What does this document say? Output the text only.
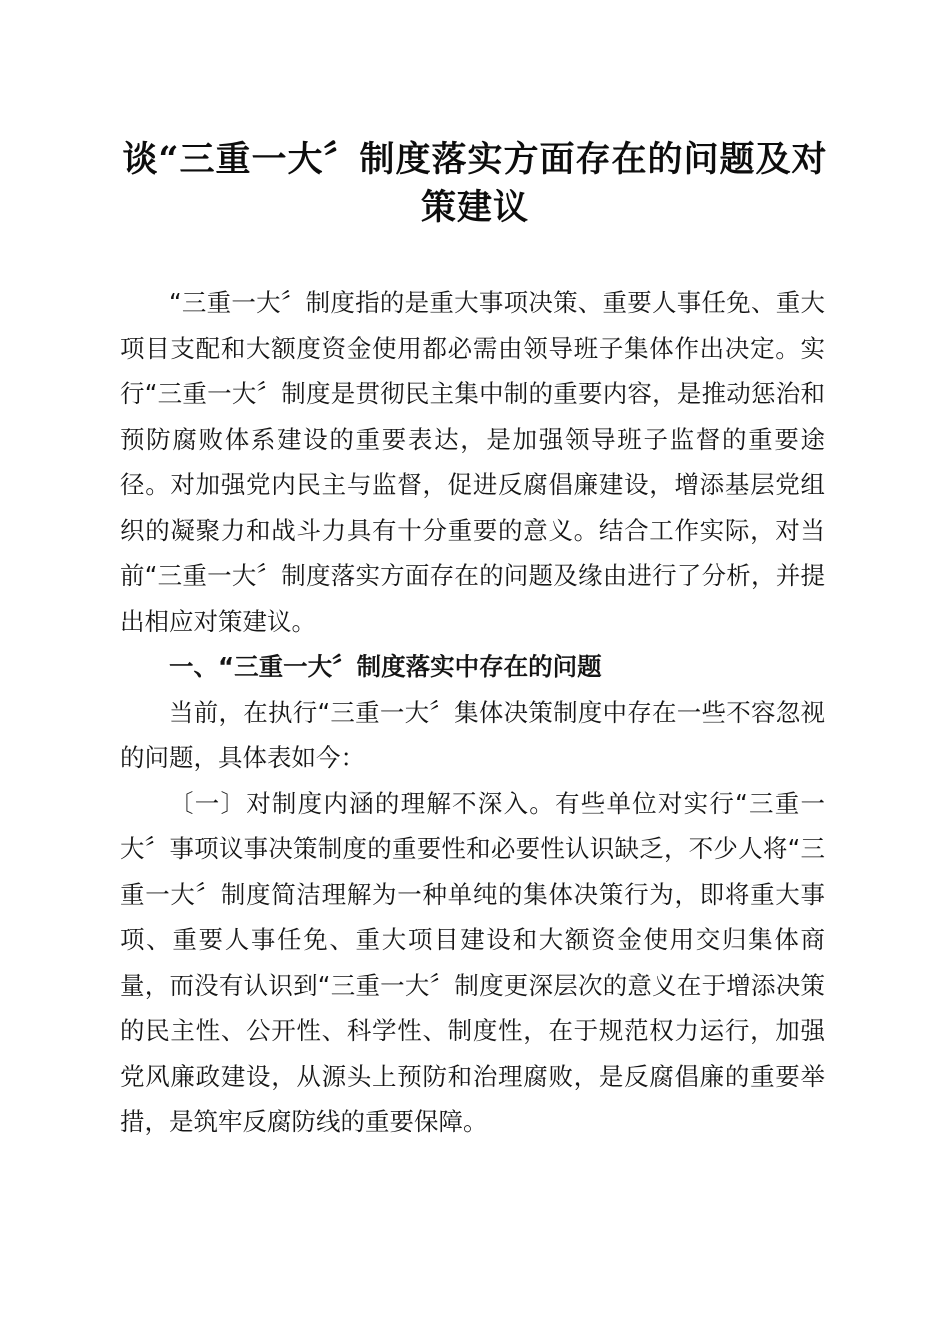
谈“三重一大〞制度落实方面存在的问题及对
策建议

“三重一大〞制度指的是重大事项决策、重要人事任免、重大项目支配和大额度资金使用都必需由领导班子集体作出决定。实行“三重一大〞制度是贯彻民主集中制的重要内容，是推动惩治和预防腐败体系建设的重要表达，是加强领导班子监督的重要途径。对加强党内民主与监督，促进反腐倡廉建设，增添基层党组织的凝聚力和战斗力具有十分重要的意义。结合工作实际，对当前“三重一大〞制度落实方面存在的问题及缘由进行了分析，并提出相应对策建议。

一、“三重一大〞制度落实中存在的问题

当前，在执行“三重一大〞集体决策制度中存在一些不容忽视的问题，具体表如今：

〔一〕对制度内涵的理解不深入。有些单位对实行“三重一大〞事项议事决策制度的重要性和必要性认识缺乏，不少人将“三重一大〞制度简洁理解为一种单纯的集体决策行为，即将重大事项、重要人事任免、重大项目建设和大额资金使用交归集体商量，而没有认识到“三重一大〞制度更深层次的意义在于增添决策的民主性、公开性、科学性、制度性，在于规范权力运行，加强党风廉政建设，从源头上预防和治理腐败，是反腐倡廉的重要举措，是筑牢反腐防线的重要保障。
